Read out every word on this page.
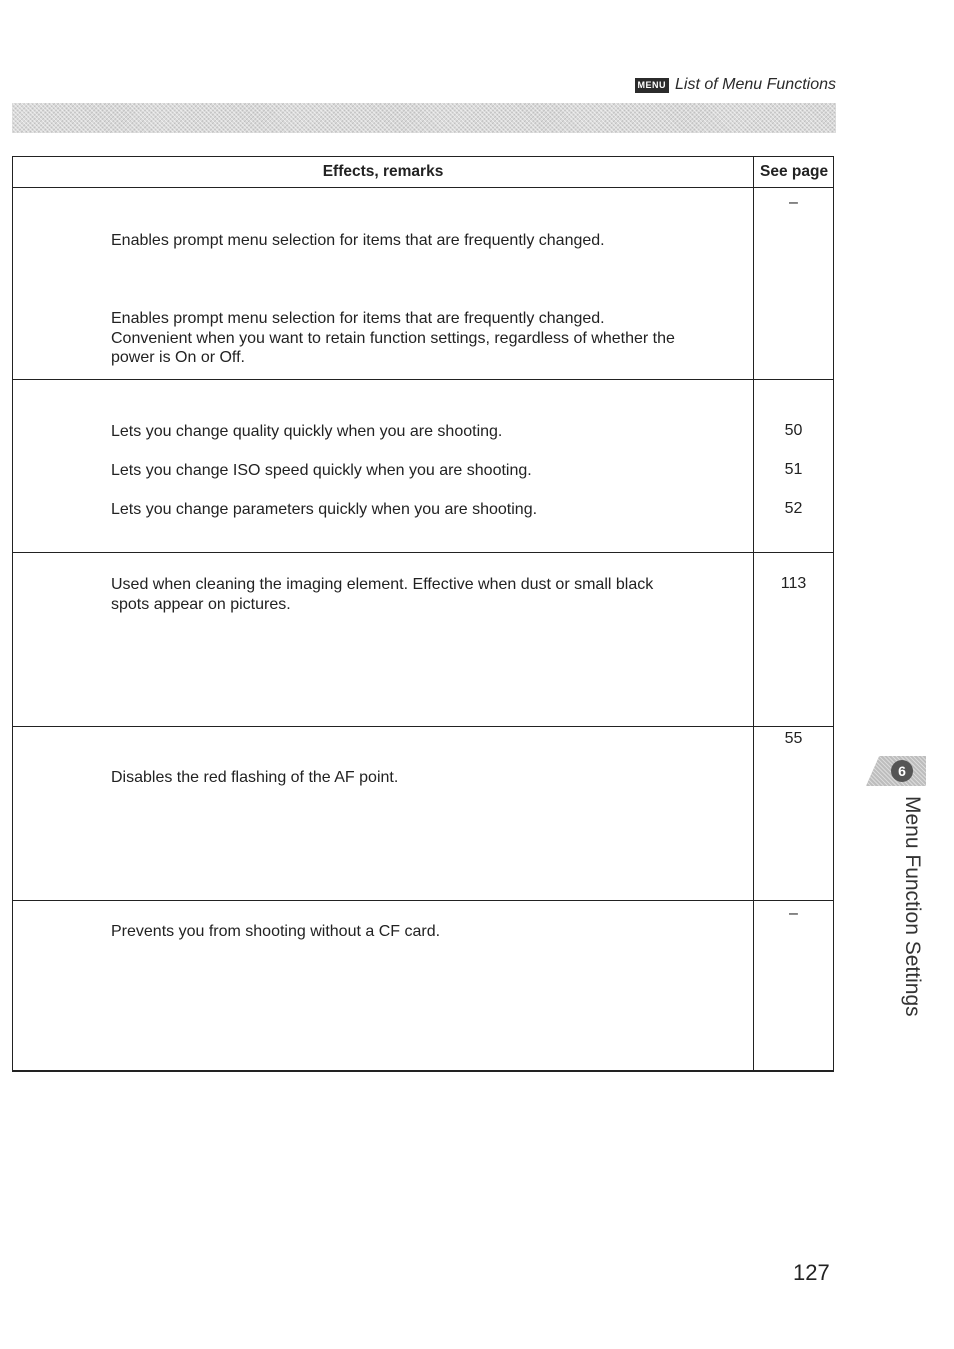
MENU List of Menu Functions
Effects, remarks	See page
Enables prompt menu selection for items that are frequently changed.
Enables prompt menu selection for items that are frequently changed.
Convenient when you want to retain function settings, regardless of whether the
power is On or Off.
–
Lets you change quality quickly when you are shooting.
Lets you change ISO speed quickly when you are shooting.
Lets you change parameters quickly when you are shooting.
50
51
52
Used when cleaning the imaging element. Effective when dust or small black
spots appear on pictures.
113
Disables the red flashing of the AF point.
55
Prevents you from shooting without a CF card.
–
6
Menu Function Settings
127
